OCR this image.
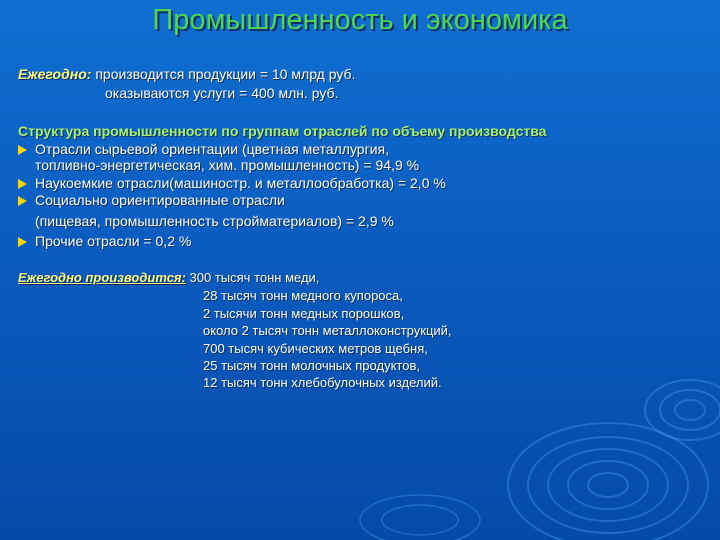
Промышленность и экономика
Ежегодно: производится продукции = 10 млрд руб.
оказываются услуги = 400 млн. руб.
Структура промышленности по группам отраслей по объему производства
Отрасли сырьевой ориентации (цветная металлургия,
топливно-энергетическая, хим. промышленность) = 94,9 %
Наукоемкие отрасли(машиностр. и металлообработка) = 2,0 %
Социально ориентированные отрасли
(пищевая, промышленность стройматериалов) = 2,9 %
Прочие отрасли = 0,2 %
Ежегодно производится: 300 тысяч тонн меди,
28 тысяч тонн медного купороса,
2 тысячи тонн медных порошков,
около 2 тысяч тонн металлоконструкций,
700 тысяч кубических метров щебня,
25 тысяч тонн молочных продуктов,
12 тысяч тонн хлебобулочных изделий.
